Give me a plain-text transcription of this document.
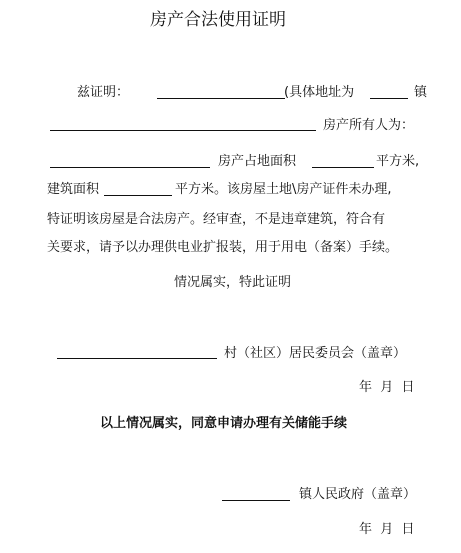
房产合法使用证明
兹证明：	(具体地址为	镇
房产所有人为：
房产占地面积	平方米,
建筑面积	平方米。该房屋土地\房产证件未办理,
特证明该房屋是合法房产。经审查，不是违章建筑，符合有
关要求，请予以办理供电业扩报装，用于用电（备案）手续。
情况属实，特此证明
村（社区）居民委员会（盖章）
年  月  日
以上情况属实，同意申请办理有关储能手续
镇人民政府（盖章）
年  月  日
